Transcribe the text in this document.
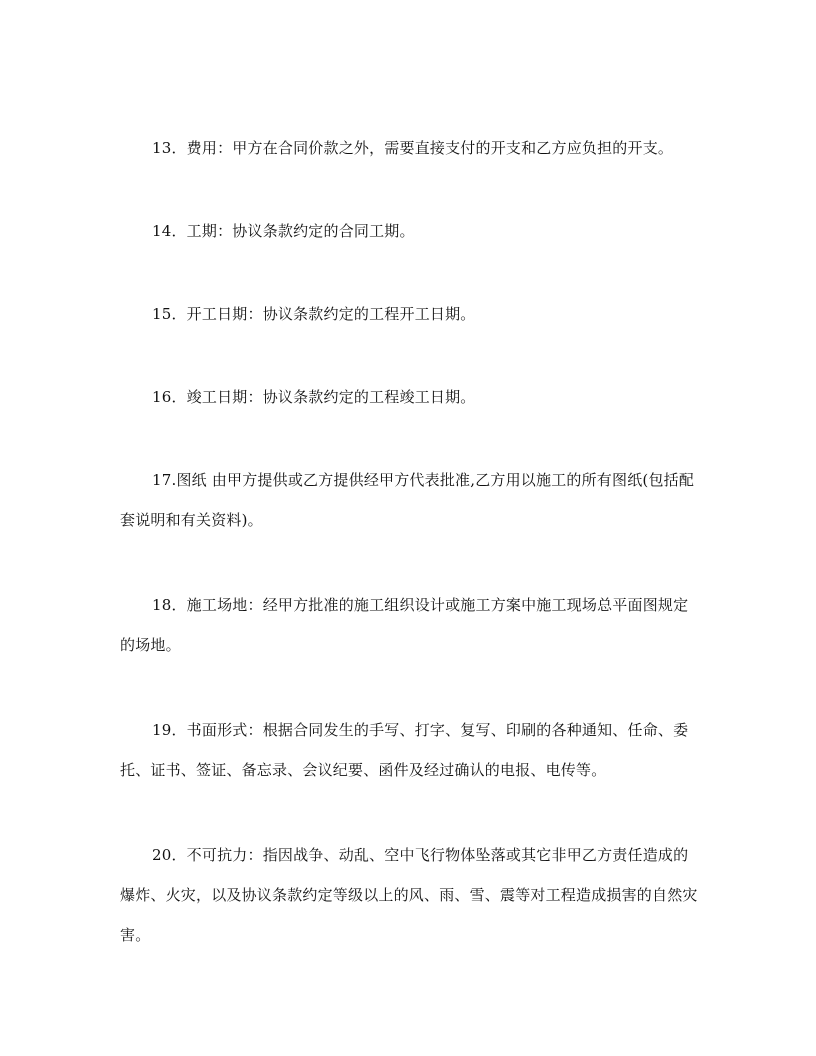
13．费用：甲方在合同价款之外，需要直接支付的开支和乙方应负担的开支。

14．工期：协议条款约定的合同工期。

15．开工日期：协议条款约定的工程开工日期。

16．竣工日期：协议条款约定的工程竣工日期。

17.图纸 由甲方提供或乙方提供经甲方代表批准,乙方用以施工的所有图纸(包括配套说明和有关资料)。

18．施工场地：经甲方批准的施工组织设计或施工方案中施工现场总平面图规定的场地。

19．书面形式：根据合同发生的手写、打字、复写、印刷的各种通知、任命、委托、证书、签证、备忘录、会议纪要、函件及经过确认的电报、电传等。

20．不可抗力：指因战争、动乱、空中飞行物体坠落或其它非甲乙方责任造成的爆炸、火灾，以及协议条款约定等级以上的风、雨、雪、震等对工程造成损害的自然灾害。
